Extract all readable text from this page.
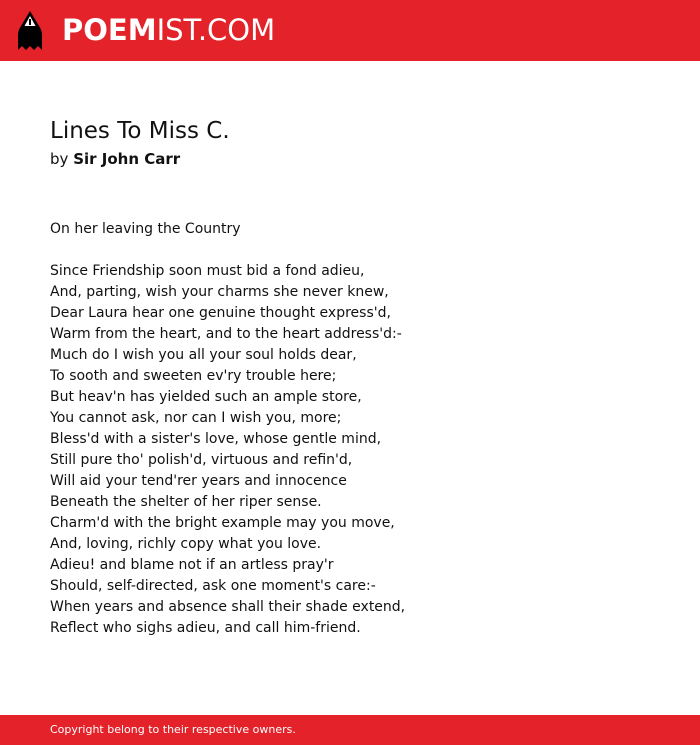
POEMIST.COM
Lines To Miss C.

by Sir John Carr

On her leaving the Country
Since Friendship soon must bid a fond adieu,
And, parting, wish your charms she never knew,
Dear Laura hear one genuine thought express'd,
Warm from the heart, and to the heart address'd:-
Much do I wish you all your soul holds dear,
To sooth and sweeten ev'ry trouble here;
But heav'n has yielded such an ample store,
You cannot ask, nor can I wish you, more;
Bless'd with a sister's love, whose gentle mind,
Still pure tho' polish'd, virtuous and refin'd,
Will aid your tend'rer years and innocence
Beneath the shelter of her riper sense.
Charm'd with the bright example may you move,
And, loving, richly copy what you love.
Adieu! and blame not if an artless pray'r
Should, self-directed, ask one moment's care:-
When years and absence shall their shade extend,
Reflect who sighs adieu, and call him-friend.
Copyright belong to their respective owners.
